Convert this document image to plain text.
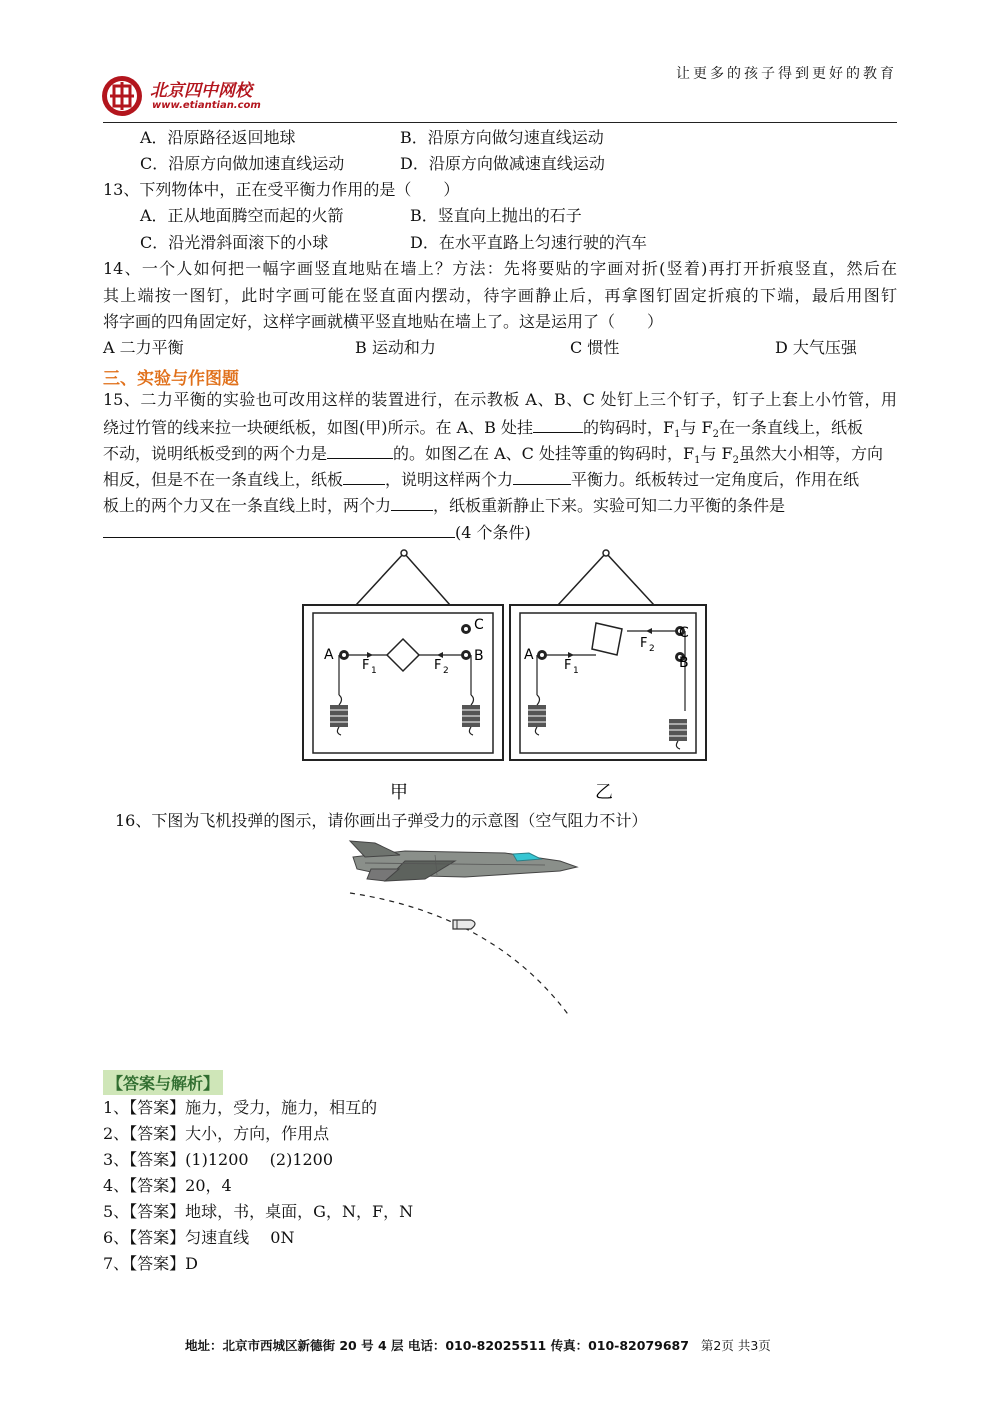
北京四中网校
www.etiantian.com
让更多的孩子得到更好的教育
A．沿原路径返回地球	B．沿原方向做匀速直线运动
C．沿原方向做加速直线运动	D．沿原方向做减速直线运动
13、下列物体中，正在受平衡力作用的是（　　）
A．正从地面腾空而起的火箭	B．竖直向上抛出的石子
C．沿光滑斜面滚下的小球	D．在水平直路上匀速行驶的汽车
14、一个人如何把一幅字画竖直地贴在墙上？方法：先将要贴的字画对折(竖着)再打开折痕竖直，然后在
其上端按一图钉，此时字画可能在竖直面内摆动，待字画静止后，再拿图钉固定折痕的下端，最后用图钉
将字画的四角固定好，这样字画就横平竖直地贴在墙上了。这是运用了（　　）
A 二力平衡	B 运动和力	C 惯性	D 大气压强
三、实验与作图题
15、二力平衡的实验也可改用这样的装置进行，在示教板 A、B、C 处钉上三个钉子，钉子上套上小竹管，用
绕过竹管的线来拉一块硬纸板，如图(甲)所示。在 A、B 处挂	的钩码时，$F_1$与 $F_2$在一条直线上，纸板
不动，说明纸板受到的两个力是	的。如图乙在 A、C 处挂等重的钩码时，$F_1$与 $F_2$虽然大小相等，方向
相反，但是不在一条直线上，纸板	，说明这样两个力	平衡力。纸板转过一定角度后，作用在纸
板上的两个力又在一条直线上时，两个力	，纸板重新静止下来。实验可知二力平衡的条件是
(4 个条件)
A	B
C
F 1	F 2
甲
A
C
B
F 1
F 2
乙
16、下图为飞机投弹的图示，请你画出子弹受力的示意图（空气阻力不计）
【答案与解析】
1、【答案】施力，受力，施力，相互的
2、【答案】大小，方向，作用点
3、【答案】(1)1200　 (2)1200
4、【答案】20，4
5、【答案】地球，书，桌面，G，N，F，N
6、【答案】匀速直线　 0N
7、【答案】D
地址：北京市西城区新德街 20 号 4 层 电话：010-82025511 传真：010-82079687 第2页 共3页
